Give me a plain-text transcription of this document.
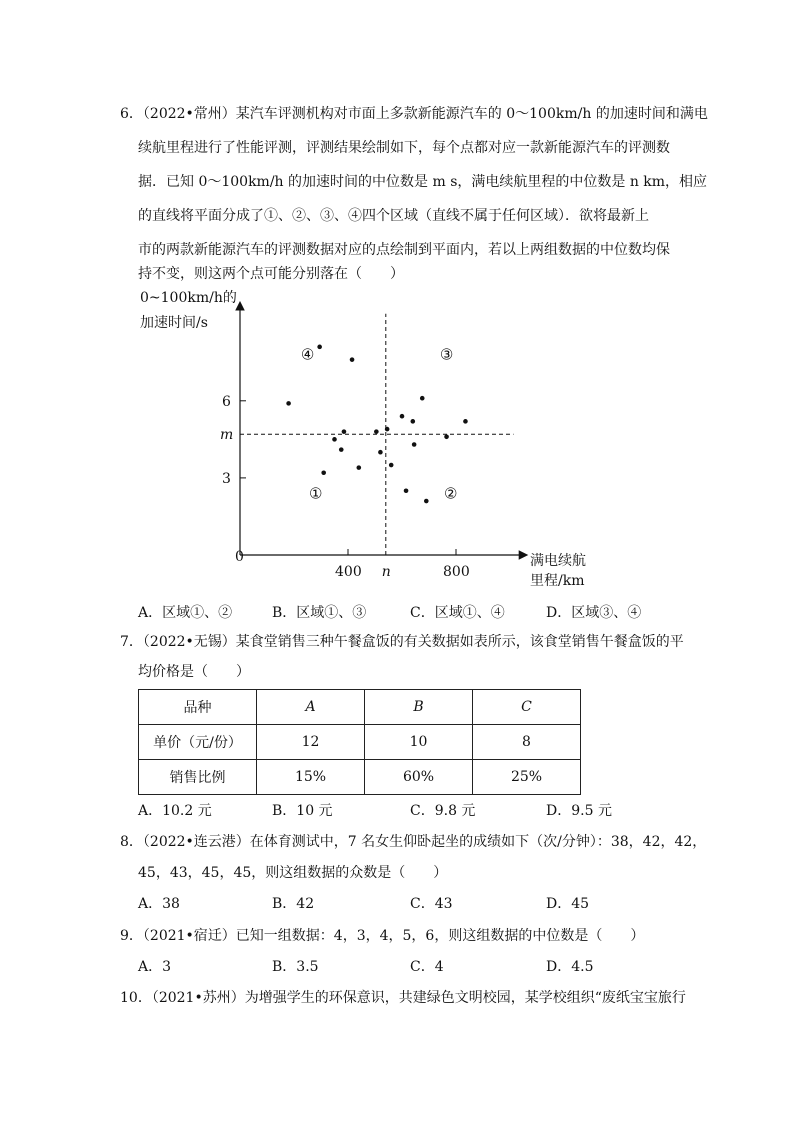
6．（2022•常州）某汽车评测机构对市面上多款新能源汽车的 0～100km/h 的加速时间和满电
续航里程进行了性能评测，评测结果绘制如下，每个点都对应一款新能源汽车的评测数
据．已知 0～100km/h 的加速时间的中位数是 m s，满电续航里程的中位数是 n km，相应
的直线将平面分成了①、②、③、④四个区域（直线不属于任何区域）．欲将最新上
市的两款新能源汽车的评测数据对应的点绘制到平面内，若以上两组数据的中位数均保
持不变，则这两个点可能分别落在（　　）
3
6
400	800
0
n
m
0~100km/h的
加速时间/s
满电续航
里程/km
①	②
③
④
A．区域①、②	B．区域①、③	C．区域①、④	D．区域③、④
7．（2022•无锡）某食堂销售三种午餐盒饭的有关数据如表所示，该食堂销售午餐盒饭的平
均价格是（　　）
品种	A	B	C
单价（元/份）	12	10	8
销售比例	15%	60%	25%
A．10.2 元	B．10 元	C．9.8 元	D．9.5 元
8．（2022•连云港）在体育测试中，7 名女生仰卧起坐的成绩如下（次/分钟）：38，42，42，
45，43，45，45，则这组数据的众数是（　　）
A．38	B．42	C．43	D．45
9．（2021•宿迁）已知一组数据：4，3，4，5，6，则这组数据的中位数是（　　）
A．3	B．3.5	C．4	D．4.5
10．（2021•苏州）为增强学生的环保意识，共建绿色文明校园，某学校组织“废纸宝宝旅行
